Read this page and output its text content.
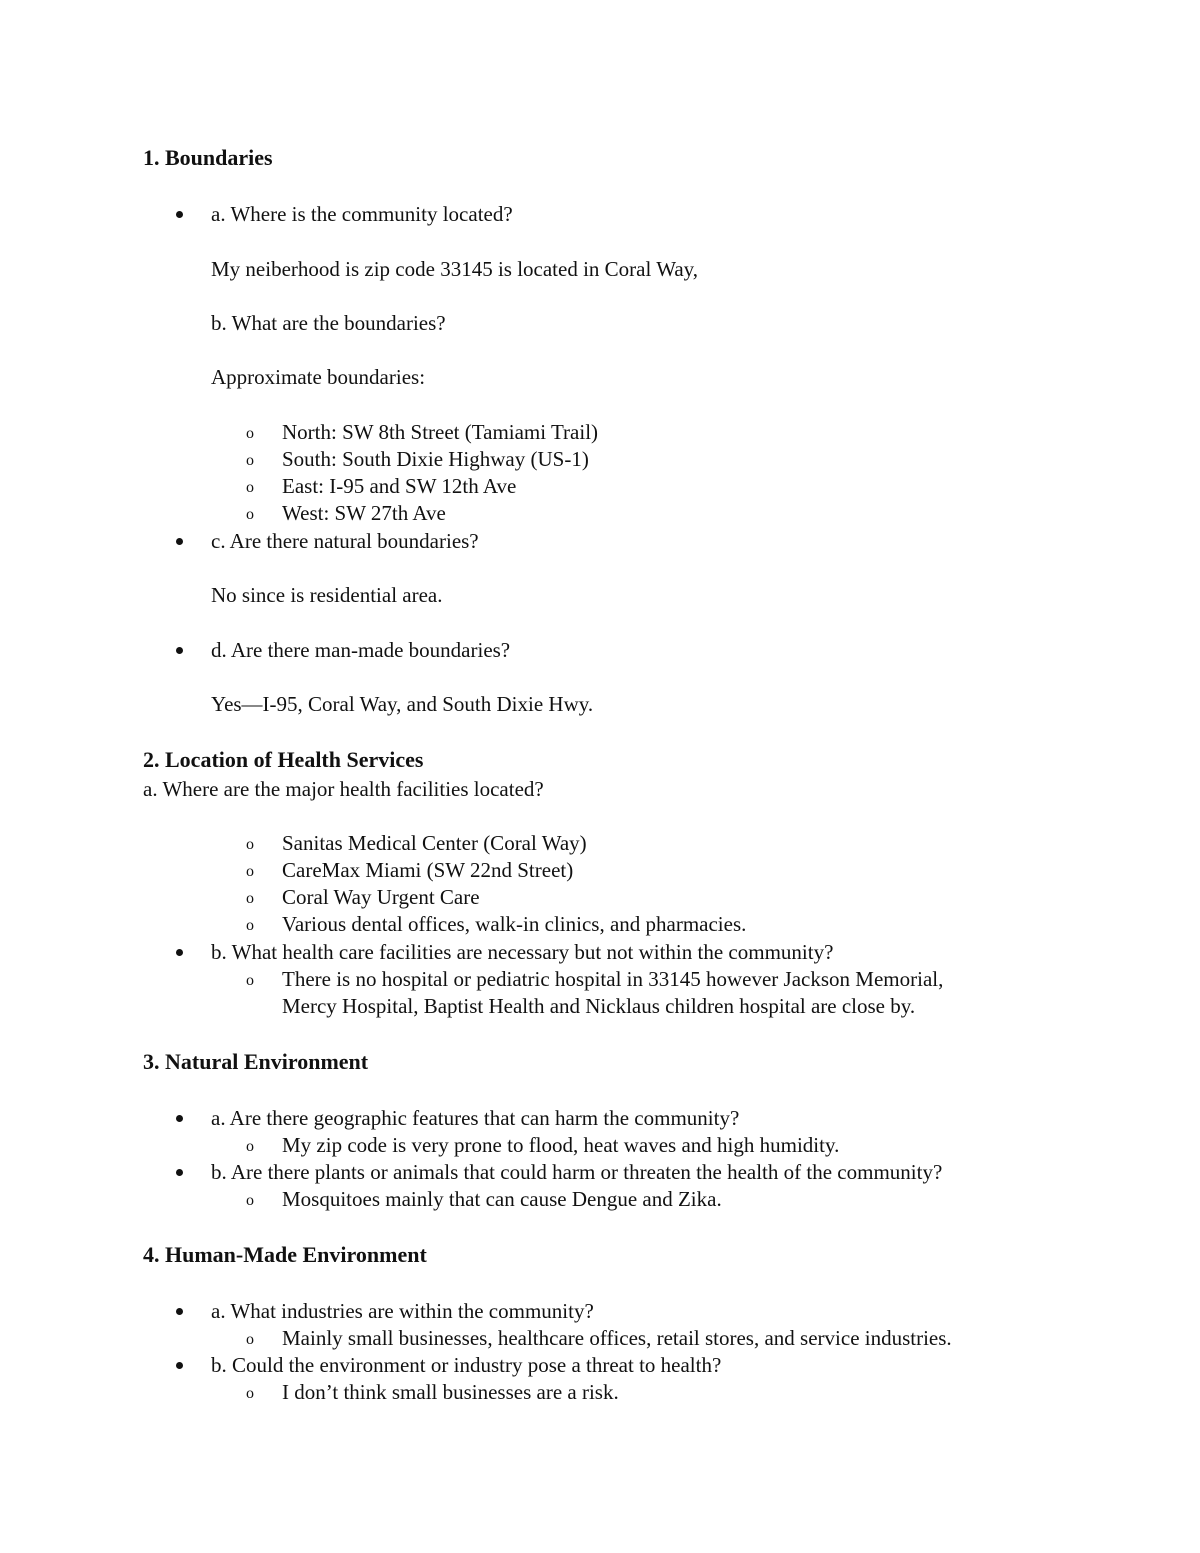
1. Boundaries
a. Where is the community located?
My neiberhood is zip code 33145 is located in Coral Way,
b. What are the boundaries?
Approximate boundaries:
o North: SW 8th Street (Tamiami Trail)
o South: South Dixie Highway (US-1)
o East: I-95 and SW 12th Ave
o West: SW 27th Ave
c. Are there natural boundaries?
No since is residential area.
d. Are there man-made boundaries?
Yes—I-95, Coral Way, and South Dixie Hwy.
2. Location of Health Services
a. Where are the major health facilities located?
o Sanitas Medical Center (Coral Way)
o CareMax Miami (SW 22nd Street)
o Coral Way Urgent Care
o Various dental offices, walk-in clinics, and pharmacies.
b. What health care facilities are necessary but not within the community?
o There is no hospital or pediatric hospital in 33145 however Jackson Memorial,
Mercy Hospital, Baptist Health and Nicklaus children hospital are close by.
3. Natural Environment
a. Are there geographic features that can harm the community?
o My zip code is very prone to flood, heat waves and high humidity.
b. Are there plants or animals that could harm or threaten the health of the community?
o Mosquitoes mainly that can cause Dengue and Zika.
4. Human-Made Environment
a. What industries are within the community?
o Mainly small businesses, healthcare offices, retail stores, and service industries.
b. Could the environment or industry pose a threat to health?
o I don’t think small businesses are a risk.
